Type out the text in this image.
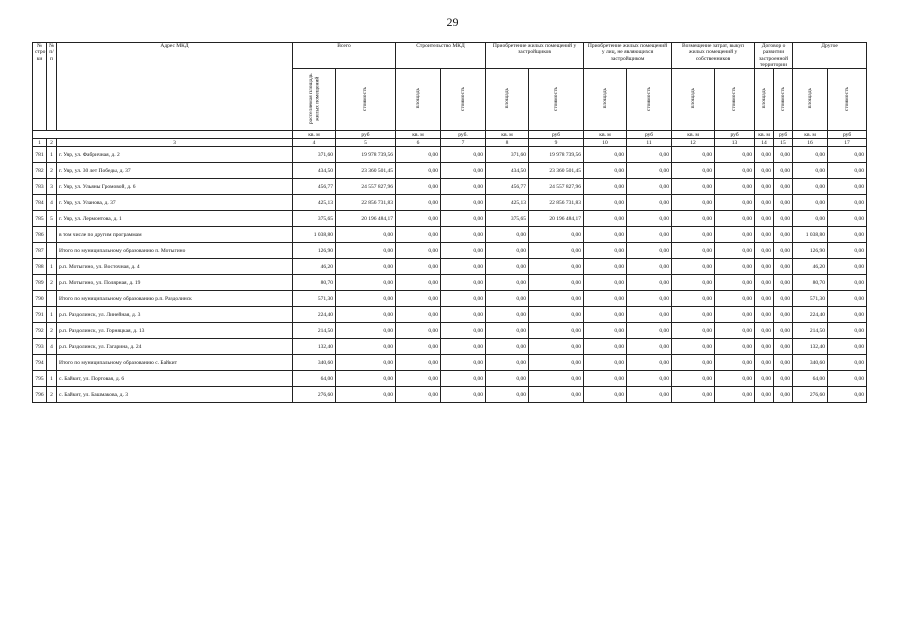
29
№ стро ки	№ п/п	Адрес МКД	Всего		Строительство МКД		Приобретение жилых помещений у застройщиков		Приобретение жилых помещений у лиц, не являющихся застройщиком		Возмещение затрат, выкуп жилых помещений у собственников		Договор о развитии застроенной территории		Другое	
			расселяемая площадь жилых помещений	стоимость	площадь	стоимость	площадь	стоимость	площадь	стоимость	площадь	стоимость	площадь	стоимость	площадь	стоимость
			кв. м	руб	кв. м	руб.	кв. м	руб	кв. м	руб	кв. м	руб	кв. м	руб	кв. м	руб
1	2	3	4	5	6	7	8	9	10	11	12	13	14	15	16	17
781	1	г. Уяр, ул. Фабричная, д. 2	371,60	19 978 739,56	0,00	0,00	371,60	19 978 739,56	0,00	0,00	0,00	0,00	0,00	0,00	0,00	0,00
782	2	г. Уяр, ул. 30 лет Победы, д. 37	434,50	23 360 501,45	0,00	0,00	434,50	23 360 501,45	0,00	0,00	0,00	0,00	0,00	0,00	0,00	0,00
783	3	г. Уяр, ул. Ульяны Громовой, д. 6	456,77	24 557 827,96	0,00	0,00	456,77	24 557 827,96	0,00	0,00	0,00	0,00	0,00	0,00	0,00	0,00
784	4	г. Уяр, ул. Уланова, д. 37	425,13	22 856 731,83	0,00	0,00	425,13	22 856 731,83	0,00	0,00	0,00	0,00	0,00	0,00	0,00	0,00
785	5	г. Уяр, ул. Лермонтова, д. 1	375,65	20 196 484,17	0,00	0,00	375,65	20 196 484,17	0,00	0,00	0,00	0,00	0,00	0,00	0,00	0,00
786		в том числе по другим программам	1 038,80	0,00	0,00	0,00	0,00	0,00	0,00	0,00	0,00	0,00	0,00	0,00	1 038,80	0,00
787		Итого по муниципальному образованию п. Мотыгино	126,90	0,00	0,00	0,00	0,00	0,00	0,00	0,00	0,00	0,00	0,00	0,00	126,90	0,00
788	1	р.п. Мотыгино, ул. Восточная, д. 4	46,20	0,00	0,00	0,00	0,00	0,00	0,00	0,00	0,00	0,00	0,00	0,00	46,20	0,00
789	2	р.п. Мотыгино, ул. Полярная, д. 19	80,70	0,00	0,00	0,00	0,00	0,00	0,00	0,00	0,00	0,00	0,00	0,00	80,70	0,00
790		Итого по муниципальному образованию р.п. Раздолинск	571,30	0,00	0,00	0,00	0,00	0,00	0,00	0,00	0,00	0,00	0,00	0,00	571,30	0,00
791	1	р.п. Раздолинск, ул. Линейная, д. 3	224,40	0,00	0,00	0,00	0,00	0,00	0,00	0,00	0,00	0,00	0,00	0,00	224,40	0,00
792	2	р.п. Раздолинск, ул. Горняцкая, д. 13	214,50	0,00	0,00	0,00	0,00	0,00	0,00	0,00	0,00	0,00	0,00	0,00	214,50	0,00
793	4	р.п. Раздолинск, ул. Гагарина, д. 24	132,40	0,00	0,00	0,00	0,00	0,00	0,00	0,00	0,00	0,00	0,00	0,00	132,40	0,00
794		Итого по муниципальному образованию с. Байкит	340,60	0,00	0,00	0,00	0,00	0,00	0,00	0,00	0,00	0,00	0,00	0,00	340,60	0,00
795	1	с. Байкит, ул. Портовая, д. 6	64,00	0,00	0,00	0,00	0,00	0,00	0,00	0,00	0,00	0,00	0,00	0,00	64,00	0,00
796	2	с. Байкит, ул. Башмакова, д. 3	276,60	0,00	0,00	0,00	0,00	0,00	0,00	0,00	0,00	0,00	0,00	0,00	276,60	0,00
